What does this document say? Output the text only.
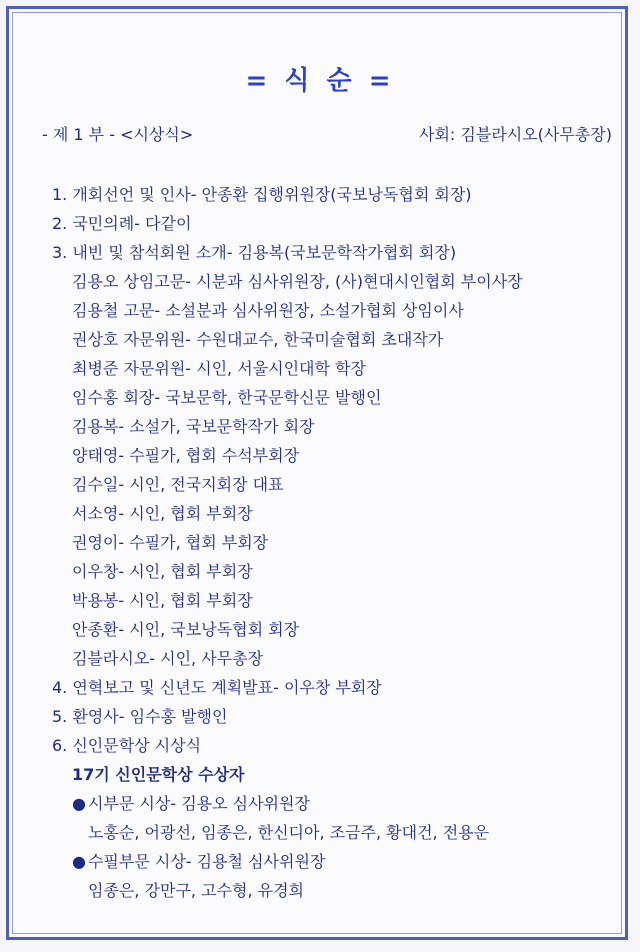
= 식 순 =
- 제 1 부 - <시상식>	사회: 김블라시오(사무총장)
1. 개회선언 및 인사- 안종환 집행위원장(국보낭독협회 회장)
2. 국민의례- 다같이
3. 내빈 및 참석회원 소개- 김용복(국보문학작가협회 회장)
김용오 상임고문- 시분과 심사위원장, (사)현대시인협회 부이사장
김용철 고문- 소설분과 심사위원장, 소설가협회 상임이사
권상호 자문위원- 수원대교수, 한국미술협회 초대작가
최병준 자문위원- 시인, 서울시인대학 학장
임수홍 회장- 국보문학, 한국문학신문 발행인
김용복- 소설가, 국보문학작가 회장
양태영- 수필가, 협회 수석부회장
김수일- 시인, 전국지회장 대표
서소영- 시인, 협회 부회장
권영이- 수필가, 협회 부회장
이우창- 시인, 협회 부회장
박용봉- 시인, 협회 부회장
안종환- 시인, 국보낭독협회 회장
김블라시오- 시인, 사무총장
4. 연혁보고 및 신년도 계획발표- 이우창 부회장
5. 환영사- 임수홍 발행인
6. 신인문학상 시상식
17기 신인문학상 수상자
● 시부문 시상- 김용오 심사위원장
노홍순, 어광선, 임종은, 한신디아, 조금주, 황대건, 전용운
● 수필부문 시상- 김용철 심사위원장
임종은, 강만구, 고수형, 유경희
